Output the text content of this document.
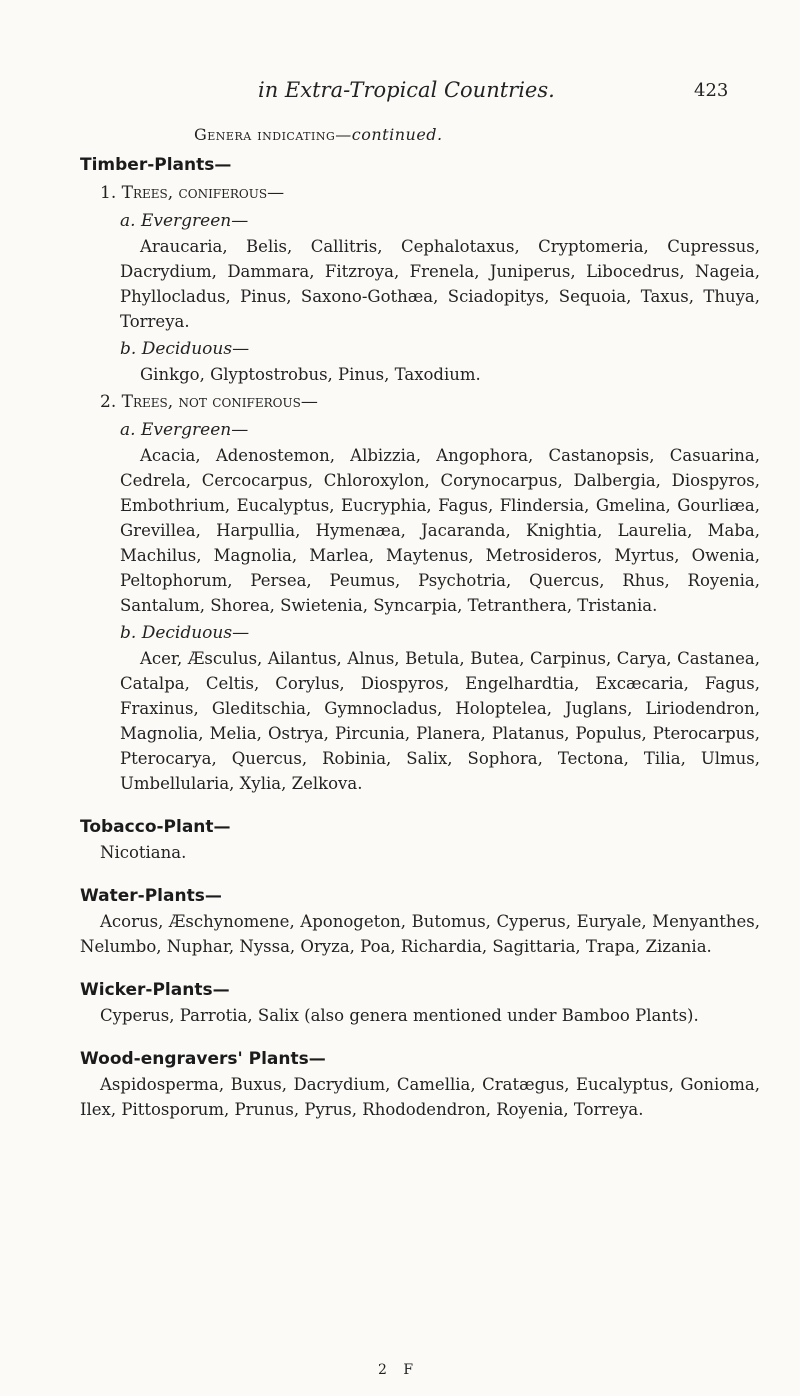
in Extra-Tropical Countries.	423
Genera indicating—continued.

Timber-Plants—

1. Trees, coniferous—
a. Evergreen—
Araucaria, Belis, Callitris, Cephalotaxus, Cryptomeria, Cupressus, Dacrydium, Dammara, Fitzroya, Frenela, Juniperus, Libocedrus, Nageia, Phyllocladus, Pinus, Saxono-Gothæa, Sciadopitys, Sequoia, Taxus, Thuya, Torreya.
b. Deciduous—
Ginkgo, Glyptostrobus, Pinus, Taxodium.
2. Trees, not coniferous—
a. Evergreen—
Acacia, Adenostemon, Albizzia, Angophora, Castanopsis, Casuarina, Cedrela, Cercocarpus, Chloroxylon, Corynocarpus, Dalbergia, Diospyros, Embothrium, Eucalyptus, Eucryphia, Fagus, Flindersia, Gmelina, Gourliæa, Grevillea, Harpullia, Hymenæa, Jacaranda, Knightia, Laurelia, Maba, Machilus, Magnolia, Marlea, Maytenus, Metrosideros, Myrtus, Owenia, Peltophorum, Persea, Peumus, Psychotria, Quercus, Rhus, Royenia, Santalum, Shorea, Swietenia, Syncarpia, Tetranthera, Tristania.
b. Deciduous—
Acer, Æsculus, Ailantus, Alnus, Betula, Butea, Carpinus, Carya, Castanea, Catalpa, Celtis, Corylus, Diospyros, Engelhardtia, Excæcaria, Fagus, Fraxinus, Gleditschia, Gymnocladus, Holoptelea, Juglans, Liriodendron, Magnolia, Melia, Ostrya, Pircunia, Planera, Platanus, Populus, Pterocarpus, Pterocarya, Quercus, Robinia, Salix, Sophora, Tectona, Tilia, Ulmus, Umbellularia, Xylia, Zelkova.

Tobacco-Plant—

Nicotiana.

Water-Plants—

Acorus, Æschynomene, Aponogeton, Butomus, Cyperus, Euryale, Menyanthes, Nelumbo, Nuphar, Nyssa, Oryza, Poa, Richardia, Sagittaria, Trapa, Zizania.

Wicker-Plants—

Cyperus, Parrotia, Salix (also genera mentioned under Bamboo Plants).

Wood-engravers' Plants—

Aspidosperma, Buxus, Dacrydium, Camellia, Cratægus, Eucalyptus, Gonioma, Ilex, Pittosporum, Prunus, Pyrus, Rhododendron, Royenia, Torreya.
2 F
